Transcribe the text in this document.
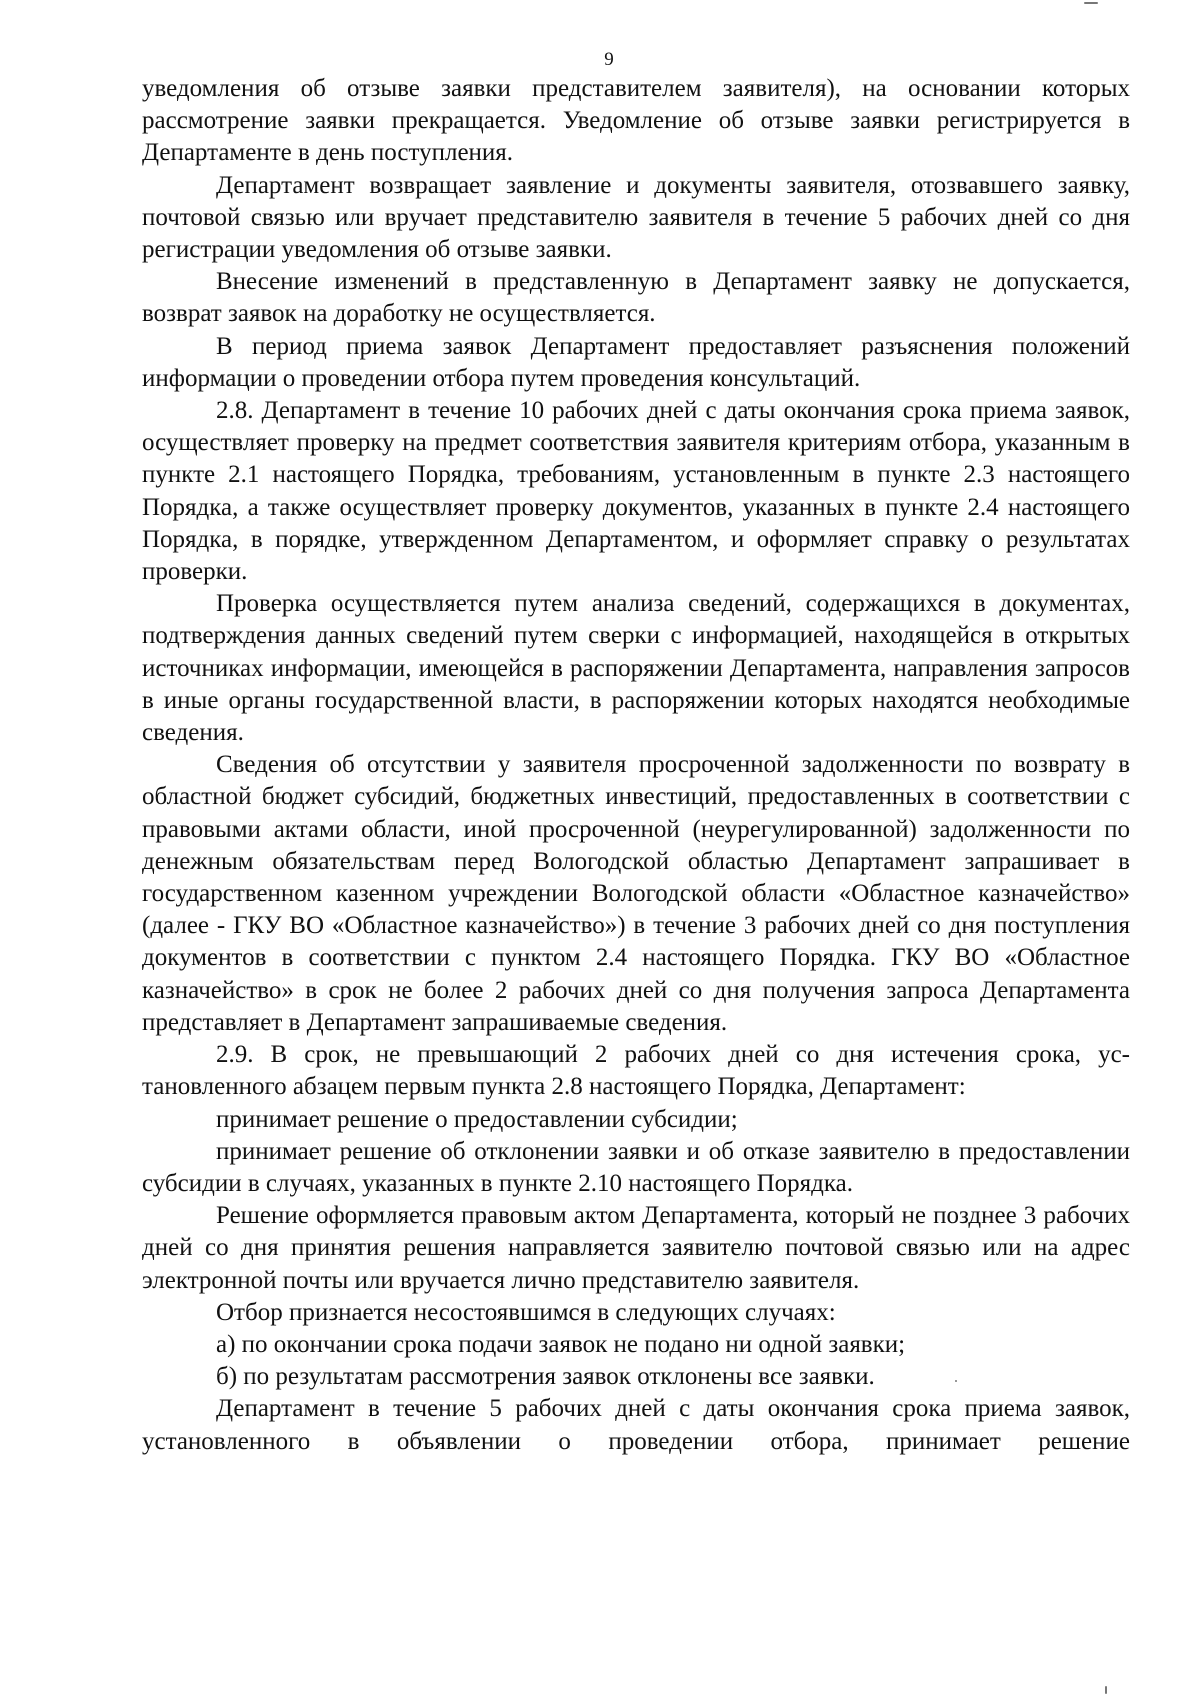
9

уведомления об отзыве заявки представителем заявителя), на основании которых рассмотрение заявки прекращается. Уведомление об отзыве заявки регистрируется в Департаменте в день поступления.

Департамент возвращает заявление и документы заявителя, отозвавшего заявку, почтовой связью или вручает представителю заявителя в течение 5 рабочих дней со дня регистрации уведомления об отзыве заявки.

Внесение изменений в представленную в Департамент заявку не допускается, возврат заявок на доработку не осуществляется.

В период приема заявок Департамент предоставляет разъяснения положений информации о проведении отбора путем проведения консультаций.

2.8. Департамент в течение 10 рабочих дней с даты окончания срока приема заявок, осуществляет проверку на предмет соответствия заявителя критериям отбора, указанным в пункте 2.1 настоящего Порядка, требованиям, установленным в пункте 2.3 настоящего Порядка, а также осуществляет проверку документов, указанных в пункте 2.4 настоящего Порядка, в порядке, утвержденном Департаментом, и оформляет справку о результатах проверки.

Проверка осуществляется путем анализа сведений, содержащихся в документах, подтверждения данных сведений путем сверки с информацией, находящейся в открытых источниках информации, имеющейся в распоряжении Департамента, направления запросов в иные органы государственной власти, в распоряжении которых находятся необходимые сведения.

Сведения об отсутствии у заявителя просроченной задолженности по возврату в областной бюджет субсидий, бюджетных инвестиций, предоставленных в соответствии с правовыми актами области, иной просроченной (неурегулированной) задолженности по денежным обязательствам перед Вологодской областью Департамент запрашивает в государственном казенном учреждении Вологодской области «Областное казначейство» (далее - ГКУ ВО «Областное казначейство») в течение 3 рабочих дней со дня поступления документов в соответствии с пунктом 2.4 настоящего Порядка. ГКУ ВО «Областное казначейство» в срок не более 2 рабочих дней со дня получения запроса Департамента представляет в Департамент запрашиваемые сведения.

2.9. В срок, не превышающий 2 рабочих дней со дня истечения срока, установленного абзацем первым пункта 2.8 настоящего Порядка, Департамент:

принимает решение о предоставлении субсидии;

принимает решение об отклонении заявки и об отказе заявителю в предоставлении субсидии в случаях, указанных в пункте 2.10 настоящего Порядка.

Решение оформляется правовым актом Департамента, который не позднее 3 рабочих дней со дня принятия решения направляется заявителю почтовой связью или на адрес электронной почты или вручается лично представителю заявителя.

Отбор признается несостоявшимся в следующих случаях:

а) по окончании срока подачи заявок не подано ни одной заявки;

б) по результатам рассмотрения заявок отклонены все заявки.

Департамент в течение 5 рабочих дней с даты окончания срока приема заявок, установленного в объявлении о проведении отбора, принимает решение
